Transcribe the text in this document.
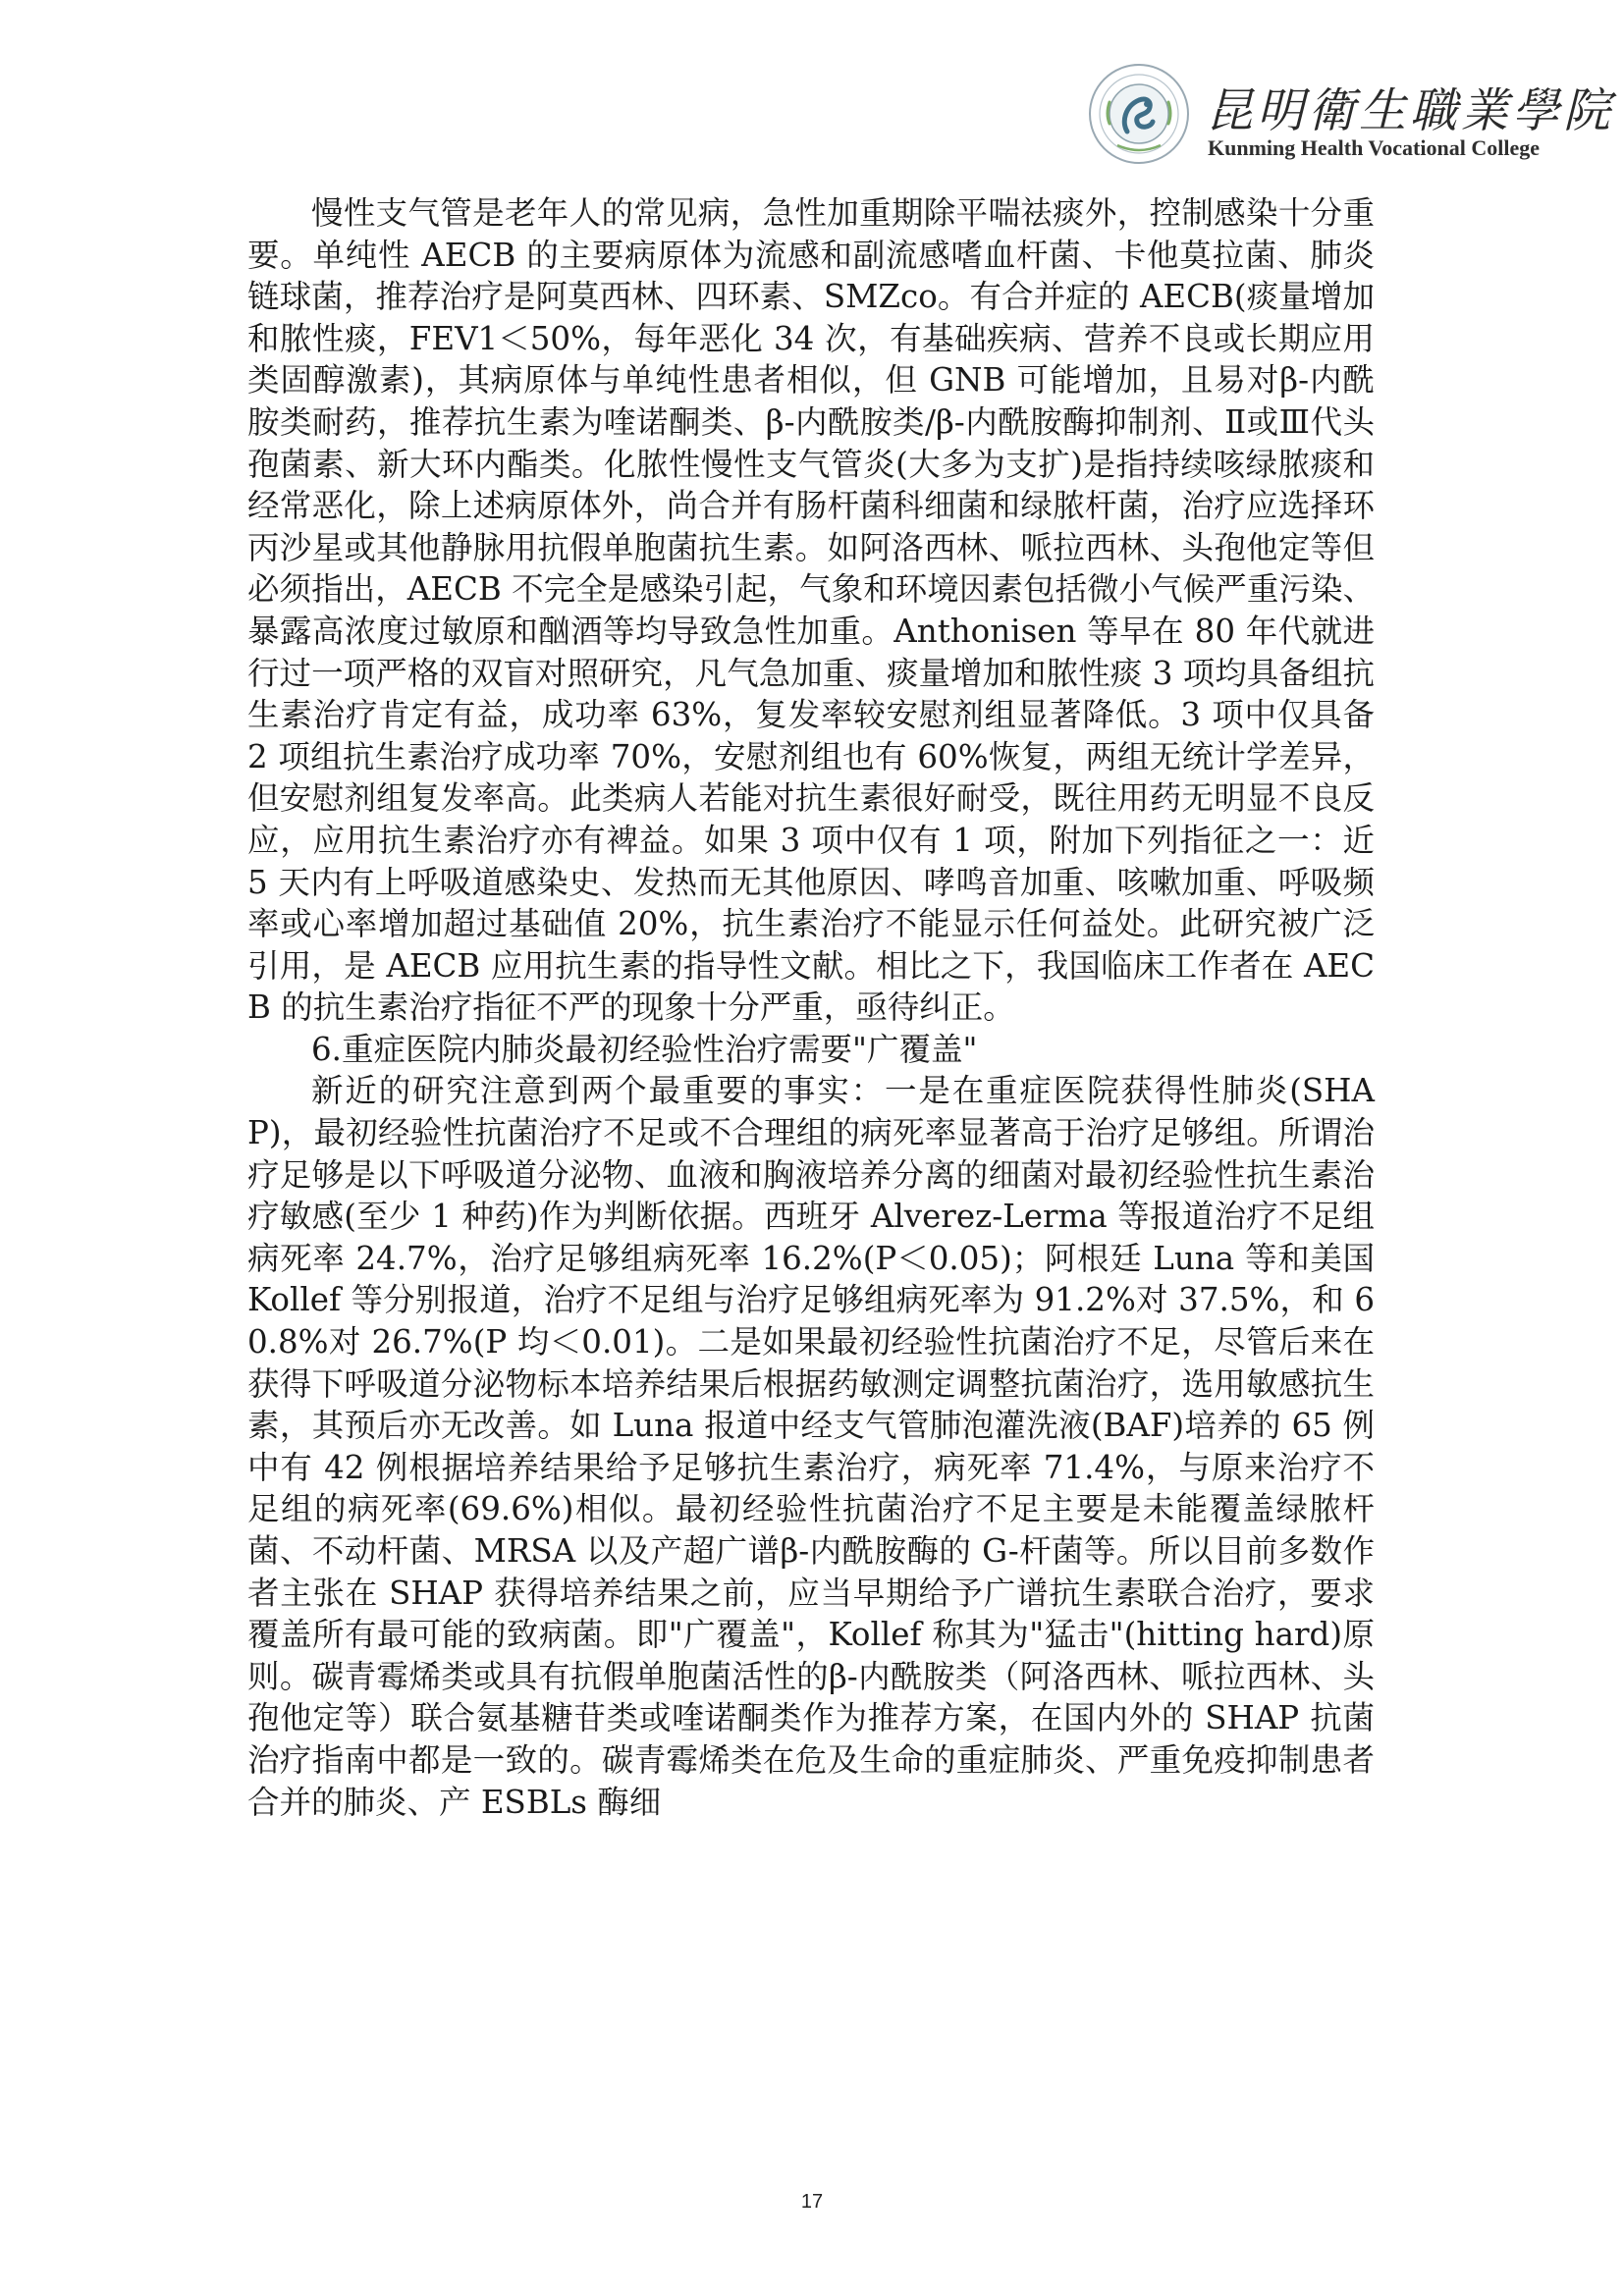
昆明衛生職業學院
Kunming Health Vocational College

慢性支气管是老年人的常见病，急性加重期除平喘祛痰外，控制感染十分重要。单纯性 AECB 的主要病原体为流感和副流感嗜血杆菌、卡他莫拉菌、肺炎链球菌，推荐治疗是阿莫西林、四环素、SMZco。有合并症的 AECB(痰量增加和脓性痰，FEV1＜50%，每年恶化 34 次，有基础疾病、营养不良或长期应用类固醇激素)，其病原体与单纯性患者相似，但 GNB 可能增加，且易对β-内酰胺类耐药，推荐抗生素为喹诺酮类、β-内酰胺类/β-内酰胺酶抑制剂、Ⅱ或Ⅲ代头孢菌素、新大环内酯类。化脓性慢性支气管炎(大多为支扩)是指持续咳绿脓痰和经常恶化，除上述病原体外，尚合并有肠杆菌科细菌和绿脓杆菌，治疗应选择环丙沙星或其他静脉用抗假单胞菌抗生素。如阿洛西林、哌拉西林、头孢他定等但必须指出，AECB 不完全是感染引起，气象和环境因素包括微小气候严重污染、暴露高浓度过敏原和酗酒等均导致急性加重。Anthonisen 等早在 80 年代就进行过一项严格的双盲对照研究，凡气急加重、痰量增加和脓性痰 3 项均具备组抗生素治疗肯定有益，成功率 63%，复发率较安慰剂组显著降低。3 项中仅具备 2 项组抗生素治疗成功率 70%，安慰剂组也有 60%恢复，两组无统计学差异，但安慰剂组复发率高。此类病人若能对抗生素很好耐受，既往用药无明显不良反应，应用抗生素治疗亦有裨益。如果 3 项中仅有 1 项，附加下列指征之一：近 5 天内有上呼吸道感染史、发热而无其他原因、哮鸣音加重、咳嗽加重、呼吸频率或心率增加超过基础值 20%，抗生素治疗不能显示任何益处。此研究被广泛引用，是 AECB 应用抗生素的指导性文献。相比之下，我国临床工作者在 AECB 的抗生素治疗指征不严的现象十分严重，亟待纠正。

6.重症医院内肺炎最初经验性治疗需要"广覆盖"

新近的研究注意到两个最重要的事实：一是在重症医院获得性肺炎(SHAP)，最初经验性抗菌治疗不足或不合理组的病死率显著高于治疗足够组。所谓治疗足够是以下呼吸道分泌物、血液和胸液培养分离的细菌对最初经验性抗生素治疗敏感(至少 1 种药)作为判断依据。西班牙 Alverez-Lerma 等报道治疗不足组病死率 24.7%，治疗足够组病死率 16.2%(P＜0.05)；阿根廷 Luna 等和美国 Kollef 等分别报道，治疗不足组与治疗足够组病死率为 91.2%对 37.5%，和 60.8%对 26.7%(P 均＜0.01)。二是如果最初经验性抗菌治疗不足，尽管后来在获得下呼吸道分泌物标本培养结果后根据药敏测定调整抗菌治疗，选用敏感抗生素，其预后亦无改善。如 Luna 报道中经支气管肺泡灌洗液(BAF)培养的 65 例中有 42 例根据培养结果给予足够抗生素治疗，病死率 71.4%，与原来治疗不足组的病死率(69.6%)相似。最初经验性抗菌治疗不足主要是未能覆盖绿脓杆菌、不动杆菌、MRSA 以及产超广谱β-内酰胺酶的 G-杆菌等。所以目前多数作者主张在 SHAP 获得培养结果之前，应当早期给予广谱抗生素联合治疗，要求覆盖所有最可能的致病菌。即"广覆盖"，Kollef 称其为"猛击"(hitting hard)原则。碳青霉烯类或具有抗假单胞菌活性的β-内酰胺类（阿洛西林、哌拉西林、头孢他定等）联合氨基糖苷类或喹诺酮类作为推荐方案，在国内外的 SHAP 抗菌治疗指南中都是一致的。碳青霉烯类在危及生命的重症肺炎、严重免疫抑制患者合并的肺炎、产 ESBLs 酶细

17
